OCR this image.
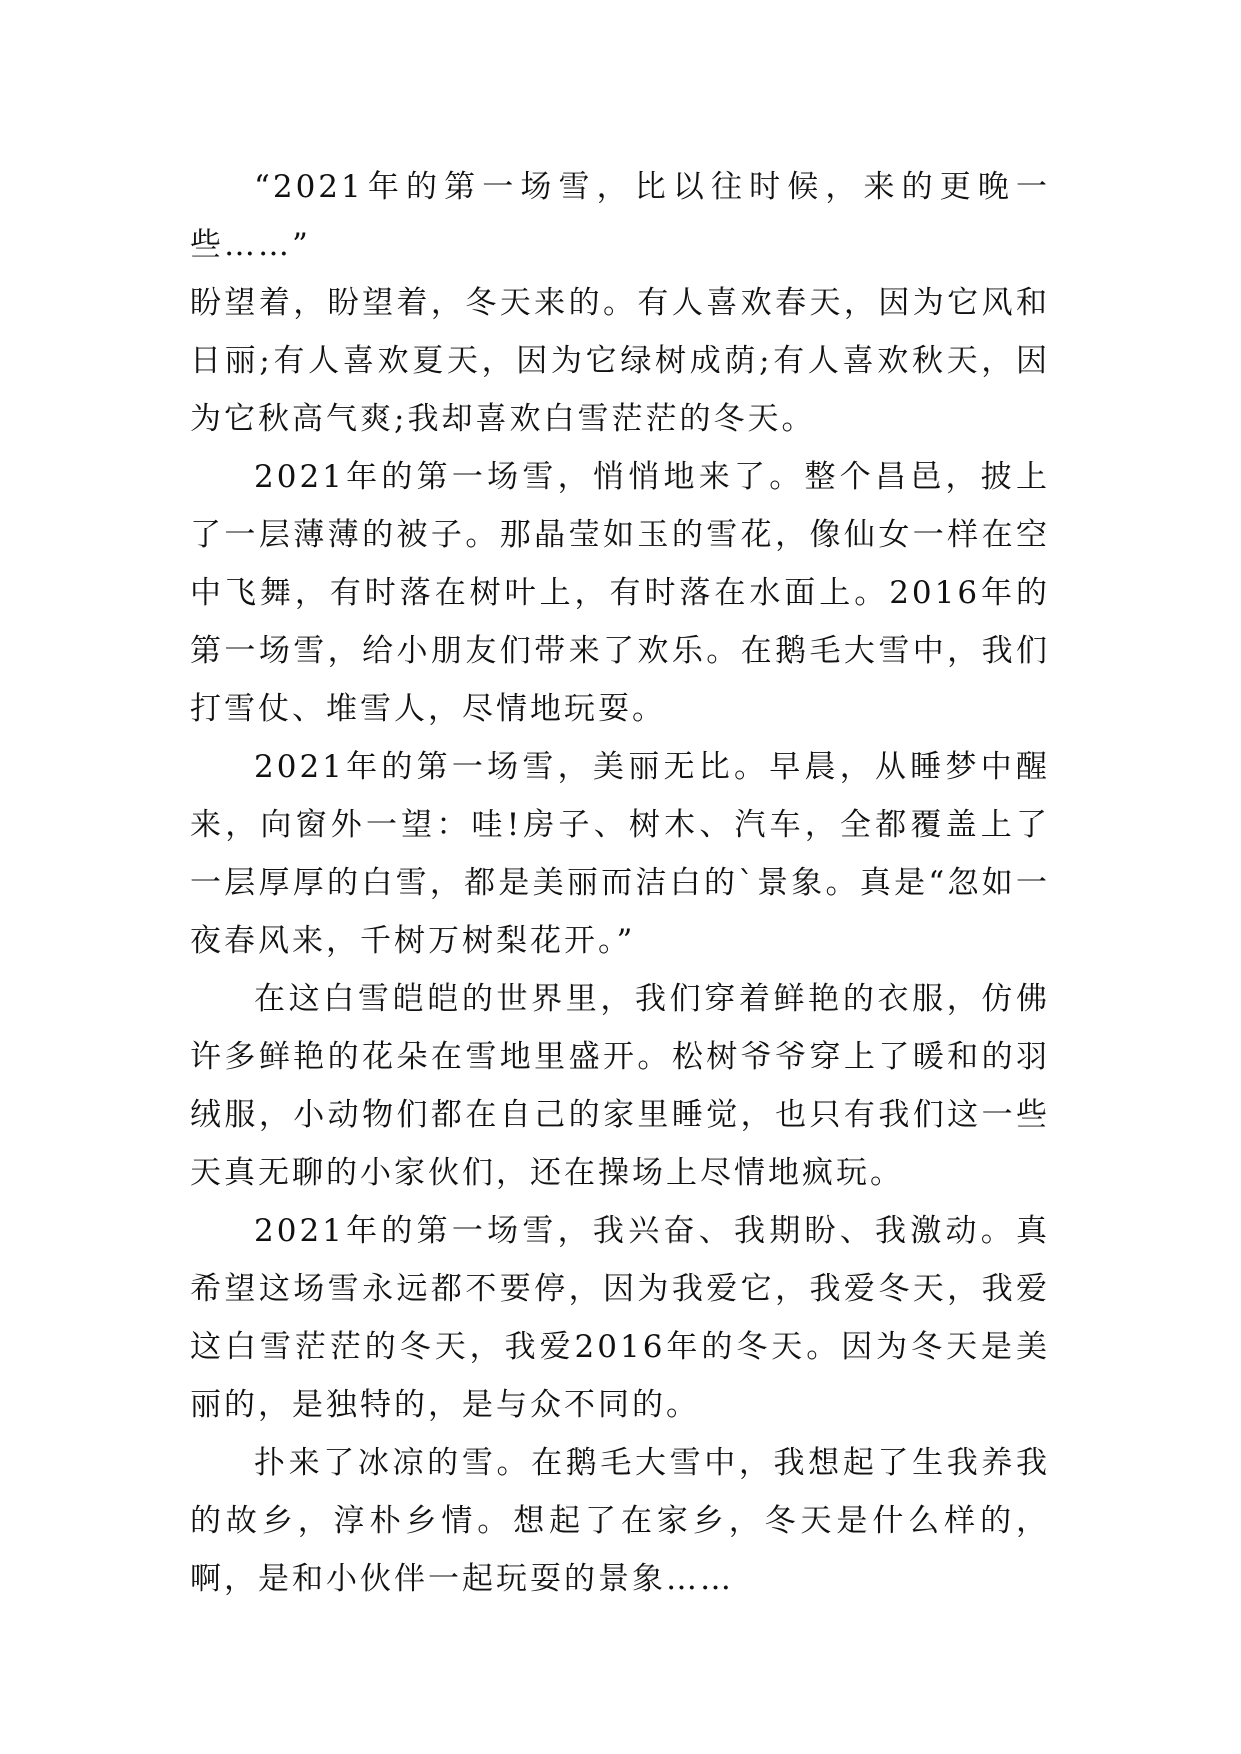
“2021年的第一场雪，比以往时候，来的更晚一些……”

盼望着，盼望着，冬天来的。有人喜欢春天，因为它风和日丽;有人喜欢夏天，因为它绿树成荫;有人喜欢秋天，因为它秋高气爽;我却喜欢白雪茫茫的冬天。

2021年的第一场雪，悄悄地来了。整个昌邑，披上了一层薄薄的被子。那晶莹如玉的雪花，像仙女一样在空中飞舞，有时落在树叶上，有时落在水面上。2016年的第一场雪，给小朋友们带来了欢乐。在鹅毛大雪中，我们打雪仗、堆雪人，尽情地玩耍。

2021年的第一场雪，美丽无比。早晨，从睡梦中醒来，向窗外一望：哇!房子、树木、汽车，全都覆盖上了一层厚厚的白雪，都是美丽而洁白的`景象。真是“忽如一夜春风来，千树万树梨花开。”

在这白雪皑皑的世界里，我们穿着鲜艳的衣服，仿佛许多鲜艳的花朵在雪地里盛开。松树爷爷穿上了暖和的羽绒服，小动物们都在自己的家里睡觉，也只有我们这一些天真无聊的小家伙们，还在操场上尽情地疯玩。

2021年的第一场雪，我兴奋、我期盼、我激动。真希望这场雪永远都不要停，因为我爱它，我爱冬天，我爱这白雪茫茫的冬天，我爱2016年的冬天。因为冬天是美丽的，是独特的，是与众不同的。

扑来了冰凉的雪。在鹅毛大雪中，我想起了生我养我的故乡，淳朴乡情。想起了在家乡，冬天是什么样的，啊，是和小伙伴一起玩耍的景象……
